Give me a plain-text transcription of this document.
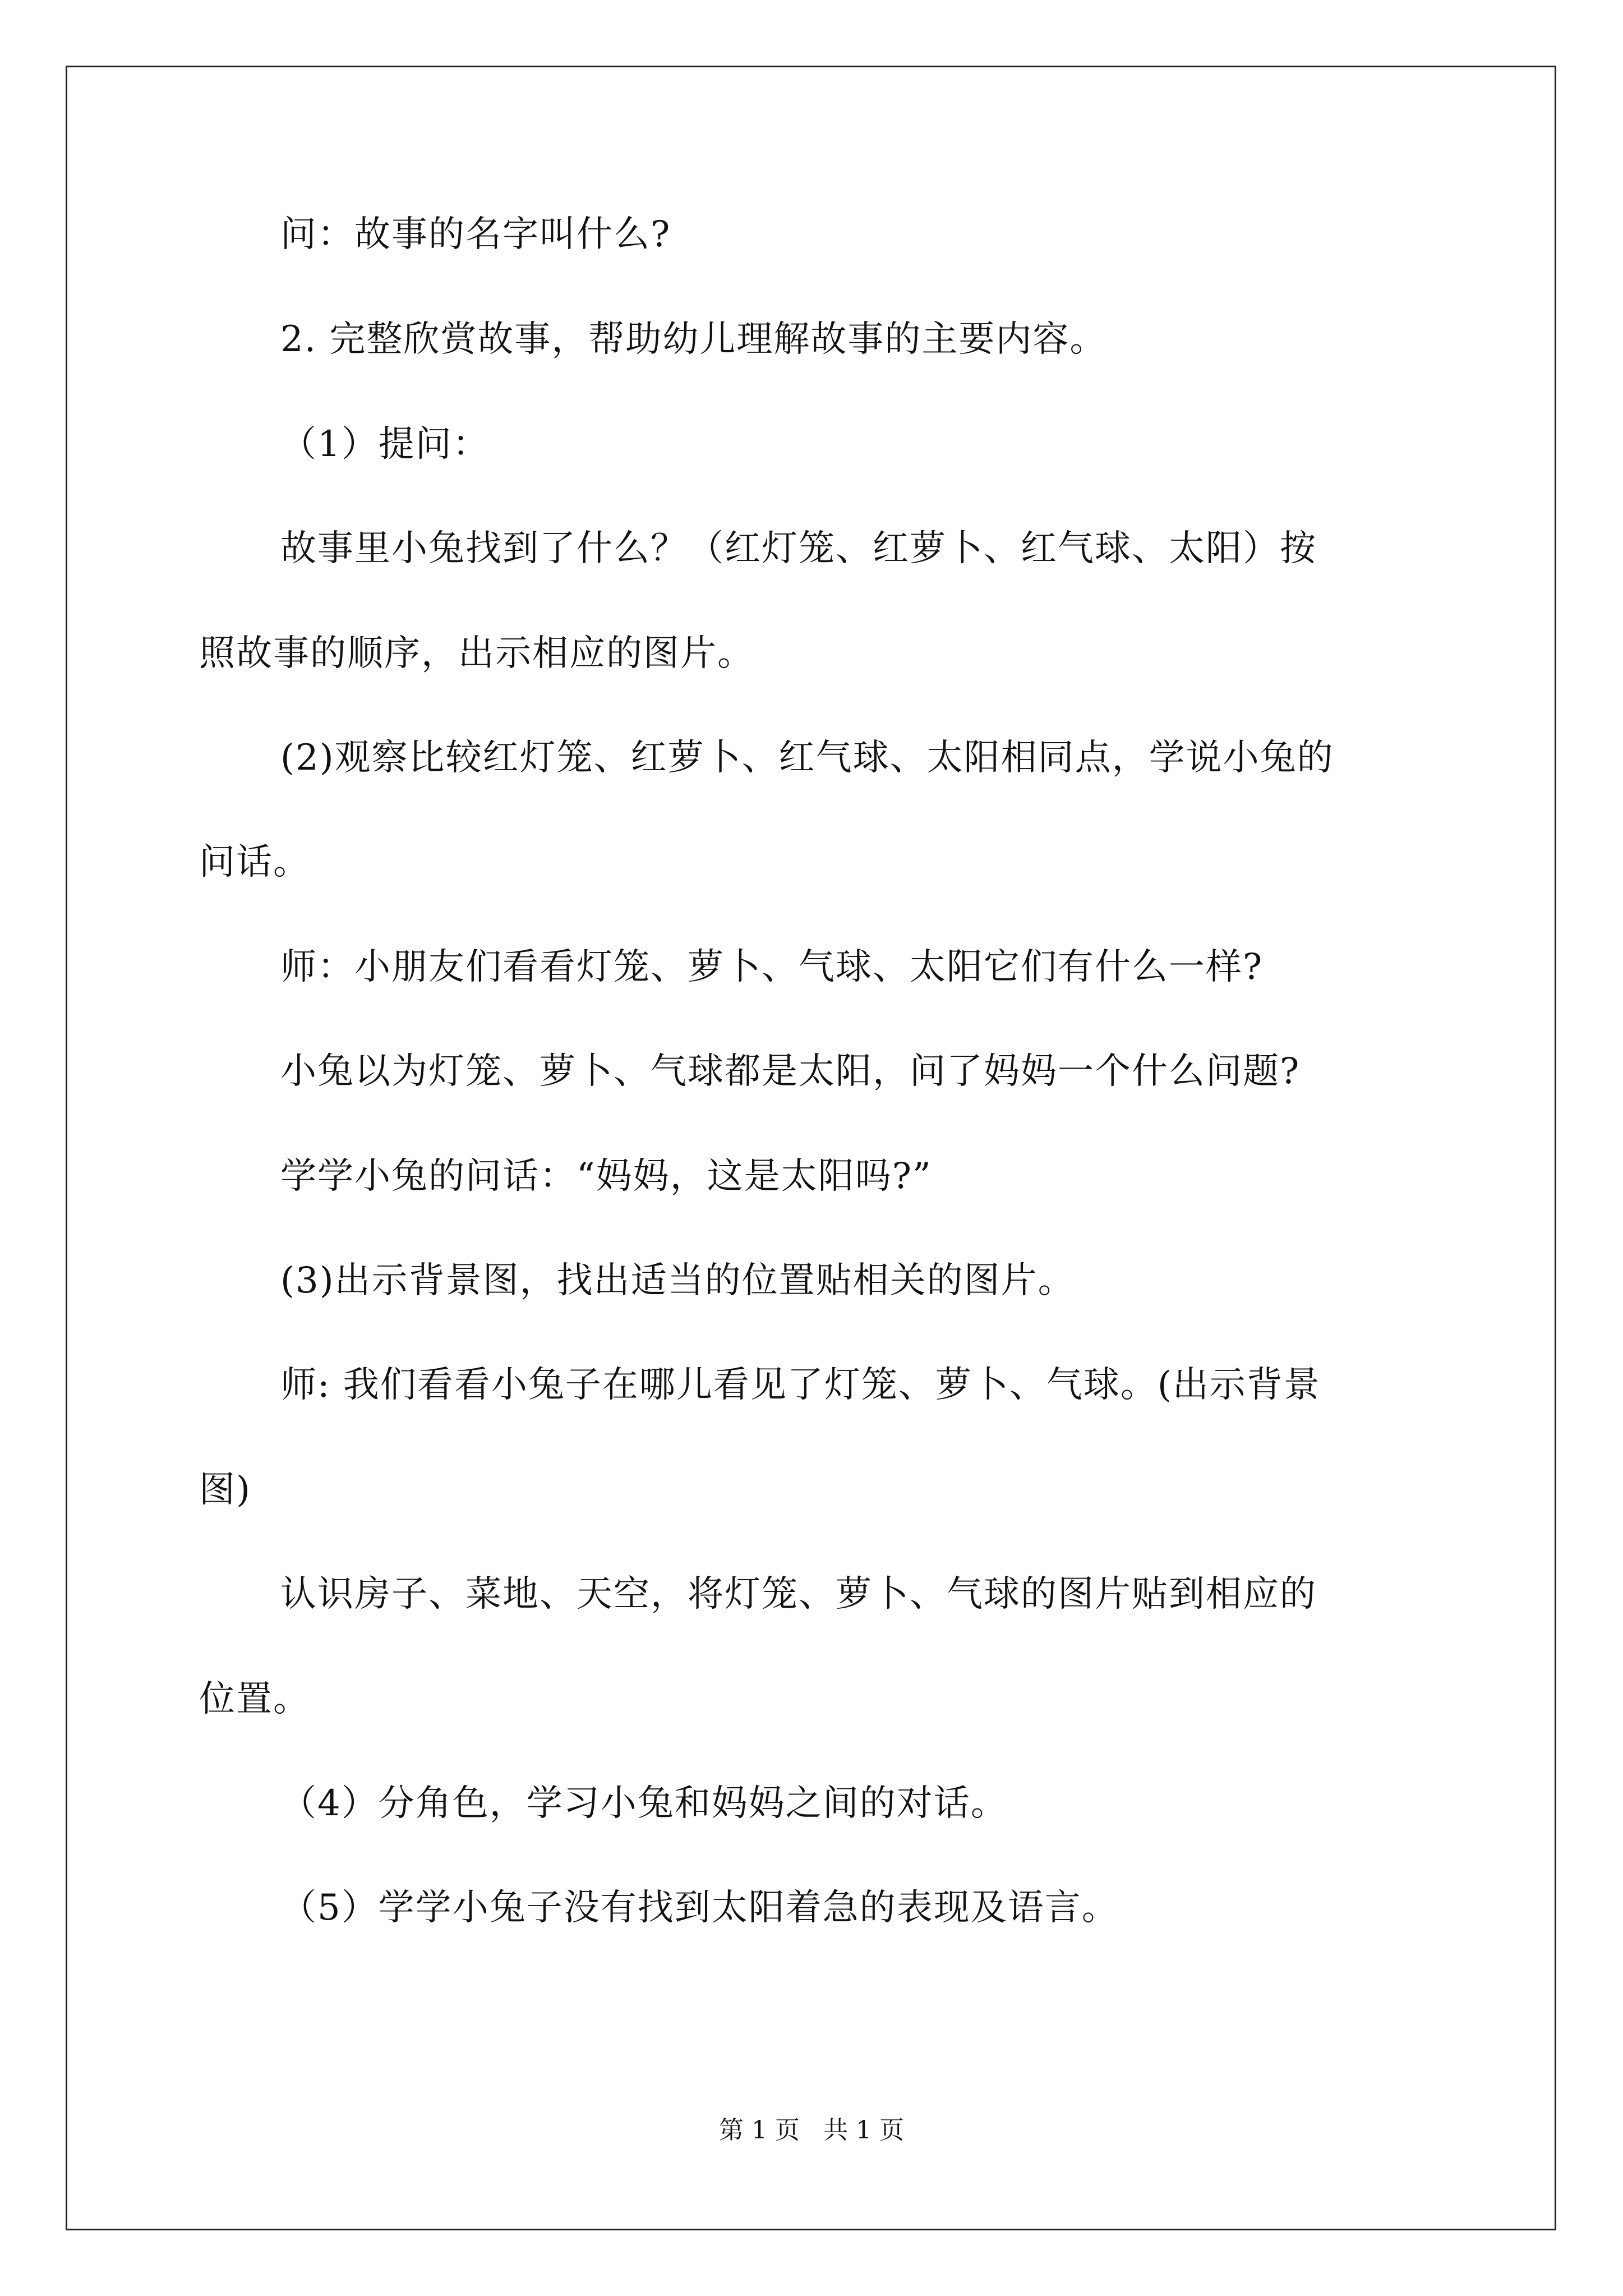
问：故事的名字叫什么?
2. 完整欣赏故事，帮助幼儿理解故事的主要内容。
（1）提问：
故事里小兔找到了什么？（红灯笼、红萝卜、红气球、太阳）按
照故事的顺序，出示相应的图片。
(2)观察比较红灯笼、红萝卜、红气球、太阳相同点，学说小兔的
问话。
师：小朋友们看看灯笼、萝卜、气球、太阳它们有什么一样?
小兔以为灯笼、萝卜、气球都是太阳，问了妈妈一个什么问题?
学学小兔的问话：“妈妈，这是太阳吗?”
(3)出示背景图，找出适当的位置贴相关的图片。
师: 我们看看小兔子在哪儿看见了灯笼、萝卜、气球。(出示背景
图)
认识房子、菜地、天空，将灯笼、萝卜、气球的图片贴到相应的
位置。
（4）分角色，学习小兔和妈妈之间的对话。
（5）学学小兔子没有找到太阳着急的表现及语言。
第 1 页   共 1 页
